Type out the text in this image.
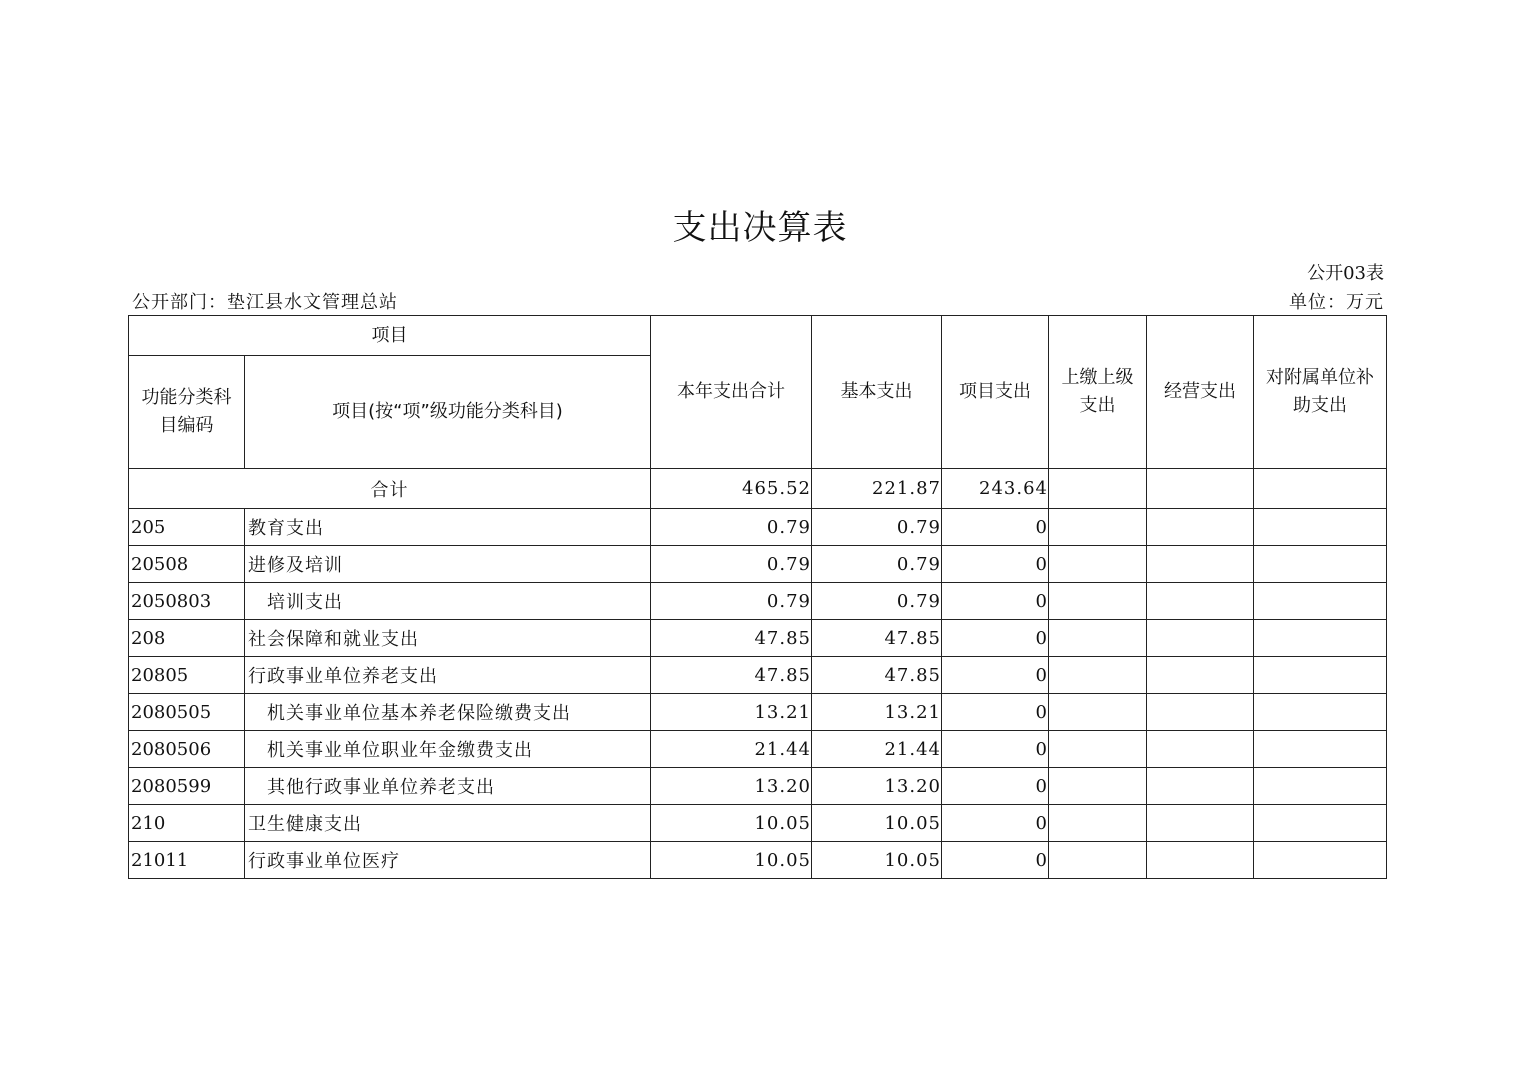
支出决算表
公开03表
公开部门：垫江县水文管理总站	单位：万元
项目		本年支出合计	基本支出	项目支出	上缴上级支出	经营支出	对附属单位补助支出
功能分类科目编码	项目(按“项”级功能分类科目)						
合计		465.52	221.87	243.64			
205	教育支出	0.79	0.79	0			
20508	进修及培训	0.79	0.79	0			
2050803	培训支出	0.79	0.79	0			
208	社会保障和就业支出	47.85	47.85	0			
20805	行政事业单位养老支出	47.85	47.85	0			
2080505	机关事业单位基本养老保险缴费支出	13.21	13.21	0			
2080506	机关事业单位职业年金缴费支出	21.44	21.44	0			
2080599	其他行政事业单位养老支出	13.20	13.20	0			
210	卫生健康支出	10.05	10.05	0			
21011	行政事业单位医疗	10.05	10.05	0			
